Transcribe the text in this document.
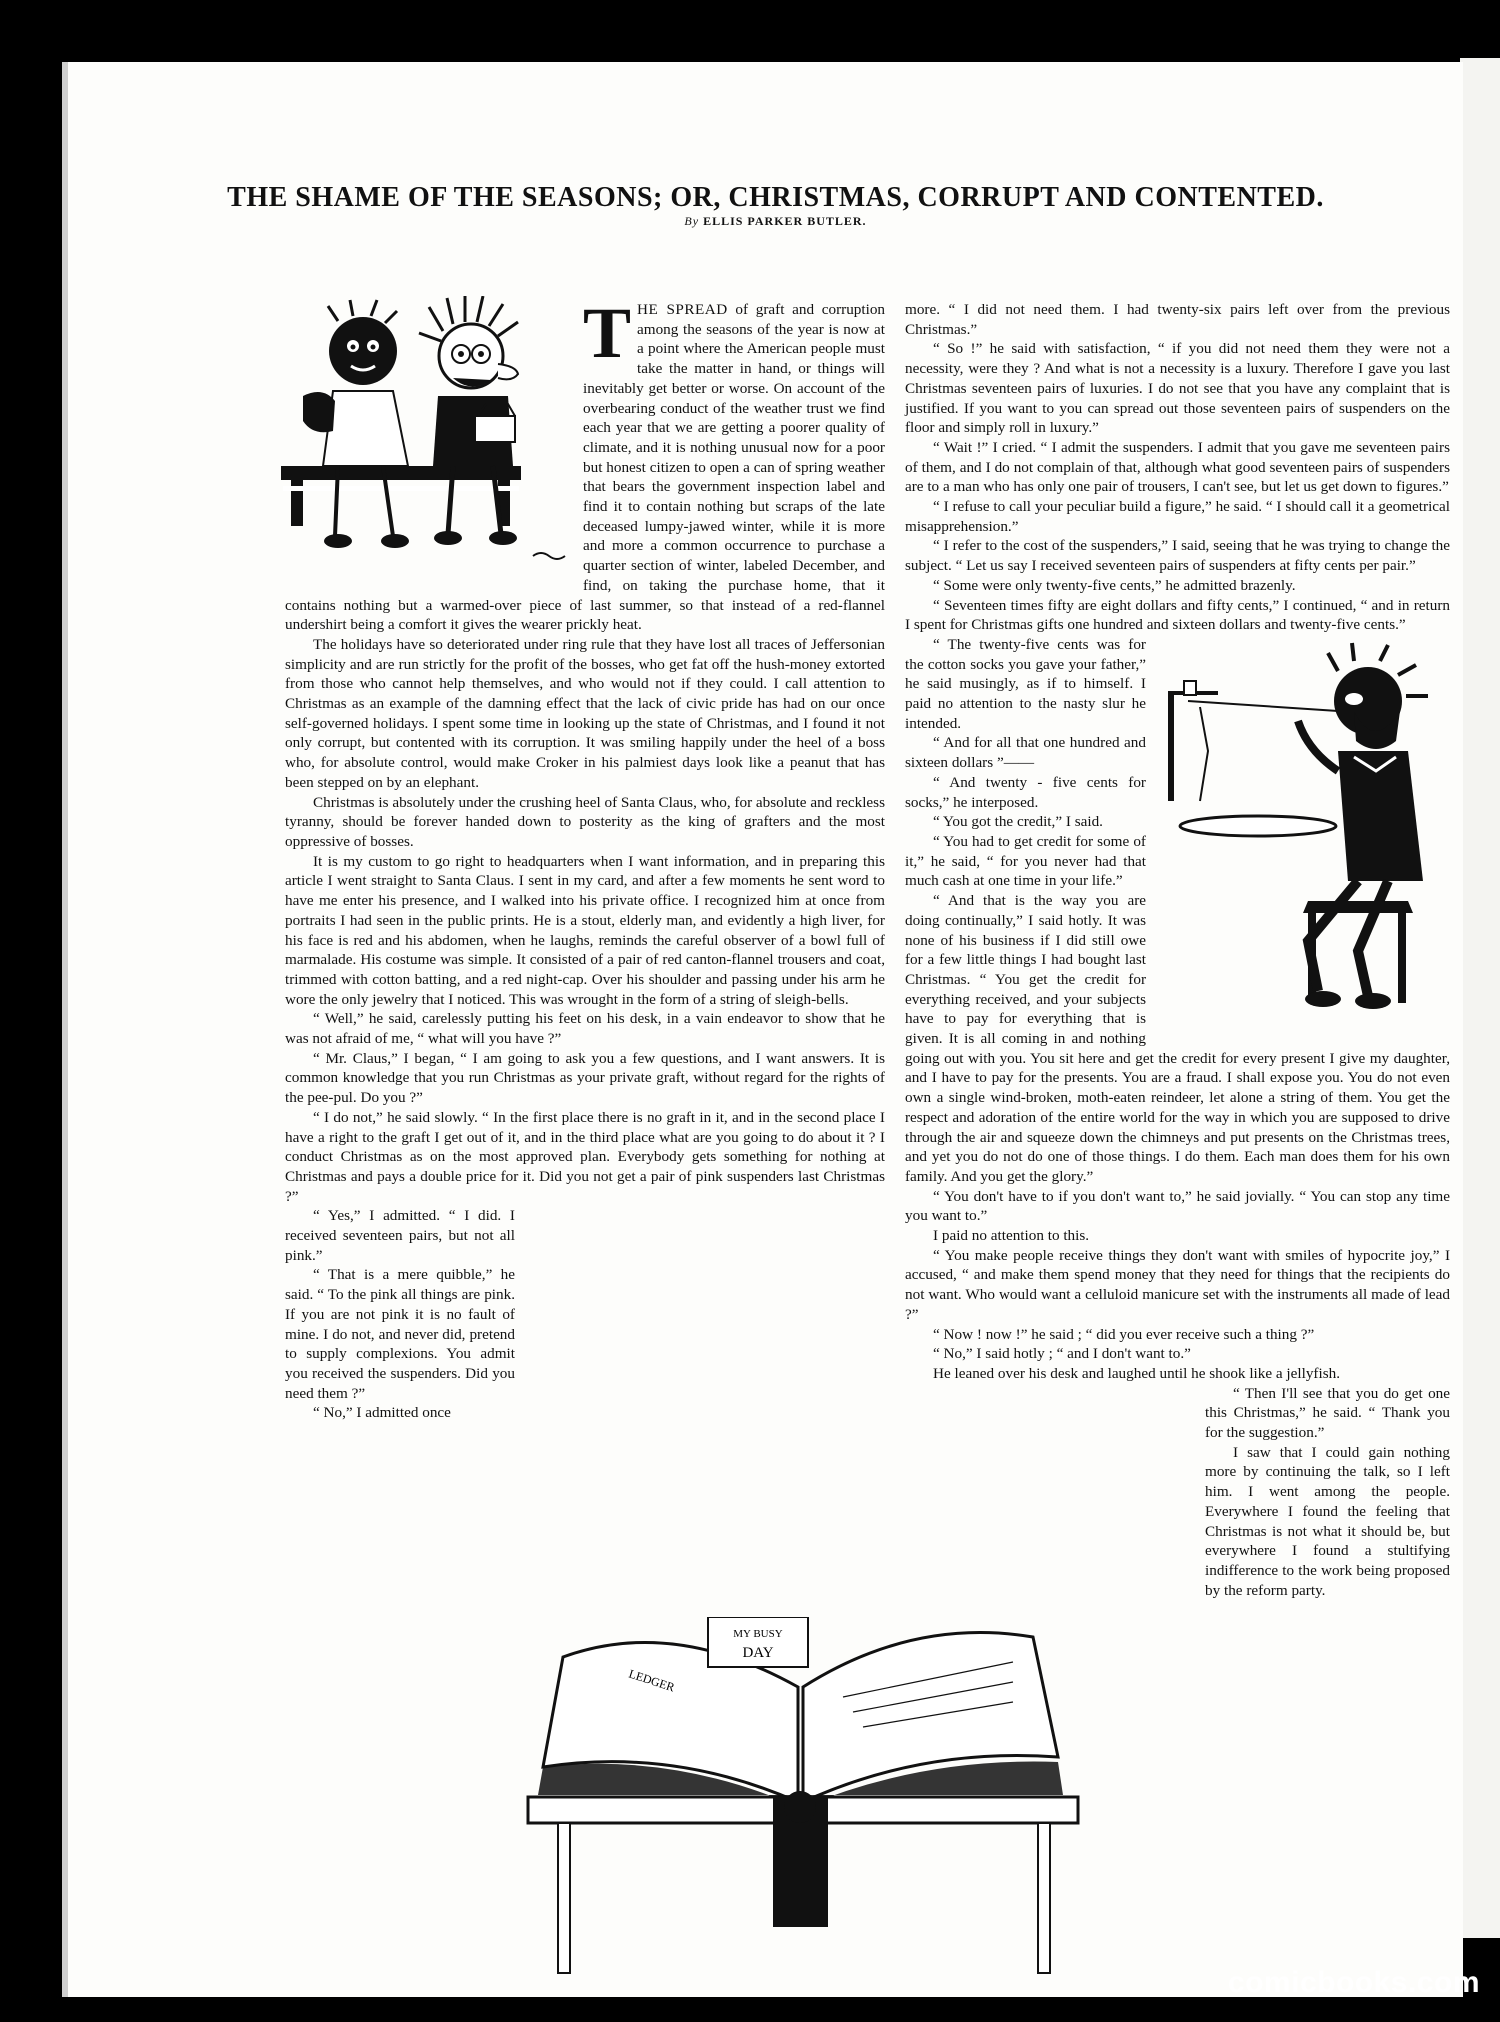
THE SHAME OF THE SEASONS; OR, CHRISTMAS, CORRUPT AND CONTENTED.
By ELLIS PARKER BUTLER.
T HE SPREAD of graft and corruption among the seasons of the year is now at a point where the American people must take the matter in hand, or things will inevitably get better or worse. On account of the overbearing conduct of the weather trust we find each year that we are getting a poorer quality of climate, and it is nothing unusual now for a poor but honest citizen to open a can of spring weather that bears the government inspection label and find it to contain nothing but scraps of the late deceased lumpy-jawed winter, while it is more and more a common occurrence to purchase a quarter section of winter, labeled December, and find, on taking the purchase home, that it contains nothing but a warmed-over piece of last summer, so that instead of a red-flannel undershirt being a comfort it gives the wearer prickly heat.

The holidays have so deteriorated under ring rule that they have lost all traces of Jeffersonian simplicity and are run strictly for the profit of the bosses, who get fat off the hush-money extorted from those who cannot help themselves, and who would not if they could. I call attention to Christmas as an example of the damning effect that the lack of civic pride has had on our once self-governed holidays. I spent some time in looking up the state of Christmas, and I found it not only corrupt, but contented with its corruption. It was smiling happily under the heel of a boss who, for absolute control, would make Croker in his palmiest days look like a peanut that has been stepped on by an elephant.

Christmas is absolutely under the crushing heel of Santa Claus, who, for absolute and reckless tyranny, should be forever handed down to posterity as the king of grafters and the most oppressive of bosses.

It is my custom to go right to headquarters when I want information, and in preparing this article I went straight to Santa Claus. I sent in my card, and after a few moments he sent word to have me enter his presence, and I walked into his private office. I recognized him at once from portraits I had seen in the public prints. He is a stout, elderly man, and evidently a high liver, for his face is red and his abdomen, when he laughs, reminds the careful observer of a bowl full of marmalade. His costume was simple. It consisted of a pair of red canton-flannel trousers and coat, trimmed with cotton batting, and a red night-cap. Over his shoulder and passing under his arm he wore the only jewelry that I noticed. This was wrought in the form of a string of sleigh-bells.

“ Well,” he said, carelessly putting his feet on his desk, in a vain endeavor to show that he was not afraid of me, “ what will you have ?”

“ Mr. Claus,” I began, “ I am going to ask you a few questions, and I want answers. It is common knowledge that you run Christmas as your private graft, without regard for the rights of the pee-pul. Do you ?”

“ I do not,” he said slowly. “ In the first place there is no graft in it, and in the second place I have a right to the graft I get out of it, and in the third place what are you going to do about it ? I conduct Christmas as on the most approved plan. Everybody gets something for nothing at Christmas and pays a double price for it. Did you not get a pair of pink suspenders last Christmas ?”

“ Yes,” I admitted. “ I did. I received seventeen pairs, but not all pink.”

“ That is a mere quibble,” he said. “ To the pink all things are pink. If you are not pink it is no fault of mine. I do not, and never did, pretend to supply complexions. You admit you received the suspenders. Did you need them ?”

“ No,” I admitted once

more. “ I did not need them. I had twenty-six pairs left over from the previous Christmas.”

“ So !” he said with satisfaction, “ if you did not need them they were not a necessity, were they ? And what is not a necessity is a luxury. Therefore I gave you last Christmas seventeen pairs of luxuries. I do not see that you have any complaint that is justified. If you want to you can spread out those seventeen pairs of suspenders on the floor and simply roll in luxury.”

“ Wait !” I cried. “ I admit the suspenders. I admit that you gave me seventeen pairs of them, and I do not complain of that, although what good seventeen pairs of suspenders are to a man who has only one pair of trousers, I can't see, but let us get down to figures.”

“ I refuse to call your peculiar build a figure,” he said. “ I should call it a geometrical misapprehension.”

“ I refer to the cost of the suspenders,” I said, seeing that he was trying to change the subject. “ Let us say I received seventeen pairs of suspenders at fifty cents per pair.”

“ Some were only twenty-five cents,” he admitted brazenly.

“ Seventeen times fifty are eight dollars and fifty cents,” I continued, “ and in return I spent for Christmas gifts one hundred and sixteen dollars and twenty-five cents.”

“ The twenty-five cents was for the cotton socks you gave your father,” he said musingly, as if to himself. I paid no attention to the nasty slur he intended.

“ And for all that one hundred and sixteen dollars ”——

“ And twenty - five cents for socks,” he interposed.

“ You got the credit,” I said.

“ You had to get credit for some of it,” he said, “ for you never had that much cash at one time in your life.”

“ And that is the way you are doing continually,” I said hotly. It was none of his business if I did still owe for a few little things I had bought last Christmas. “ You get the credit for everything received, and your subjects have to pay for everything that is given. It is all coming in and nothing going out with you. You sit here and get the credit for every present I give my daughter, and I have to pay for the presents. You are a fraud. I shall expose you. You do not even own a single wind-broken, moth-eaten reindeer, let alone a string of them. You get the respect and adoration of the entire world for the way in which you are supposed to drive through the air and squeeze down the chimneys and put presents on the Christmas trees, and yet you do not do one of those things. I do them. Each man does them for his own family. And you get the glory.”

“ You don't have to if you don't want to,” he said jovially. “ You can stop any time you want to.”

I paid no attention to this.

“ You make people receive things they don't want with smiles of hypocrite joy,” I accused, “ and make them spend money that they need for things that the recipients do not want. Who would want a celluloid manicure set with the instruments all made of lead ?”

“ Now ! now !” he said ; “ did you ever receive such a thing ?”

“ No,” I said hotly ; “ and I don't want to.”

He leaned over his desk and laughed until he shook like a jellyfish.

“ Then I'll see that you do get one this Christmas,” he said. “ Thank you for the suggestion.”

I saw that I could gain nothing more by continuing the talk, so I left him. I went among the people. Everywhere I found the feeling that Christmas is not what it should be, but everywhere I found a stultifying indifference to the work being proposed by the reform party.

MY BUSY
DAY
LEDGER
comicbooks.com
